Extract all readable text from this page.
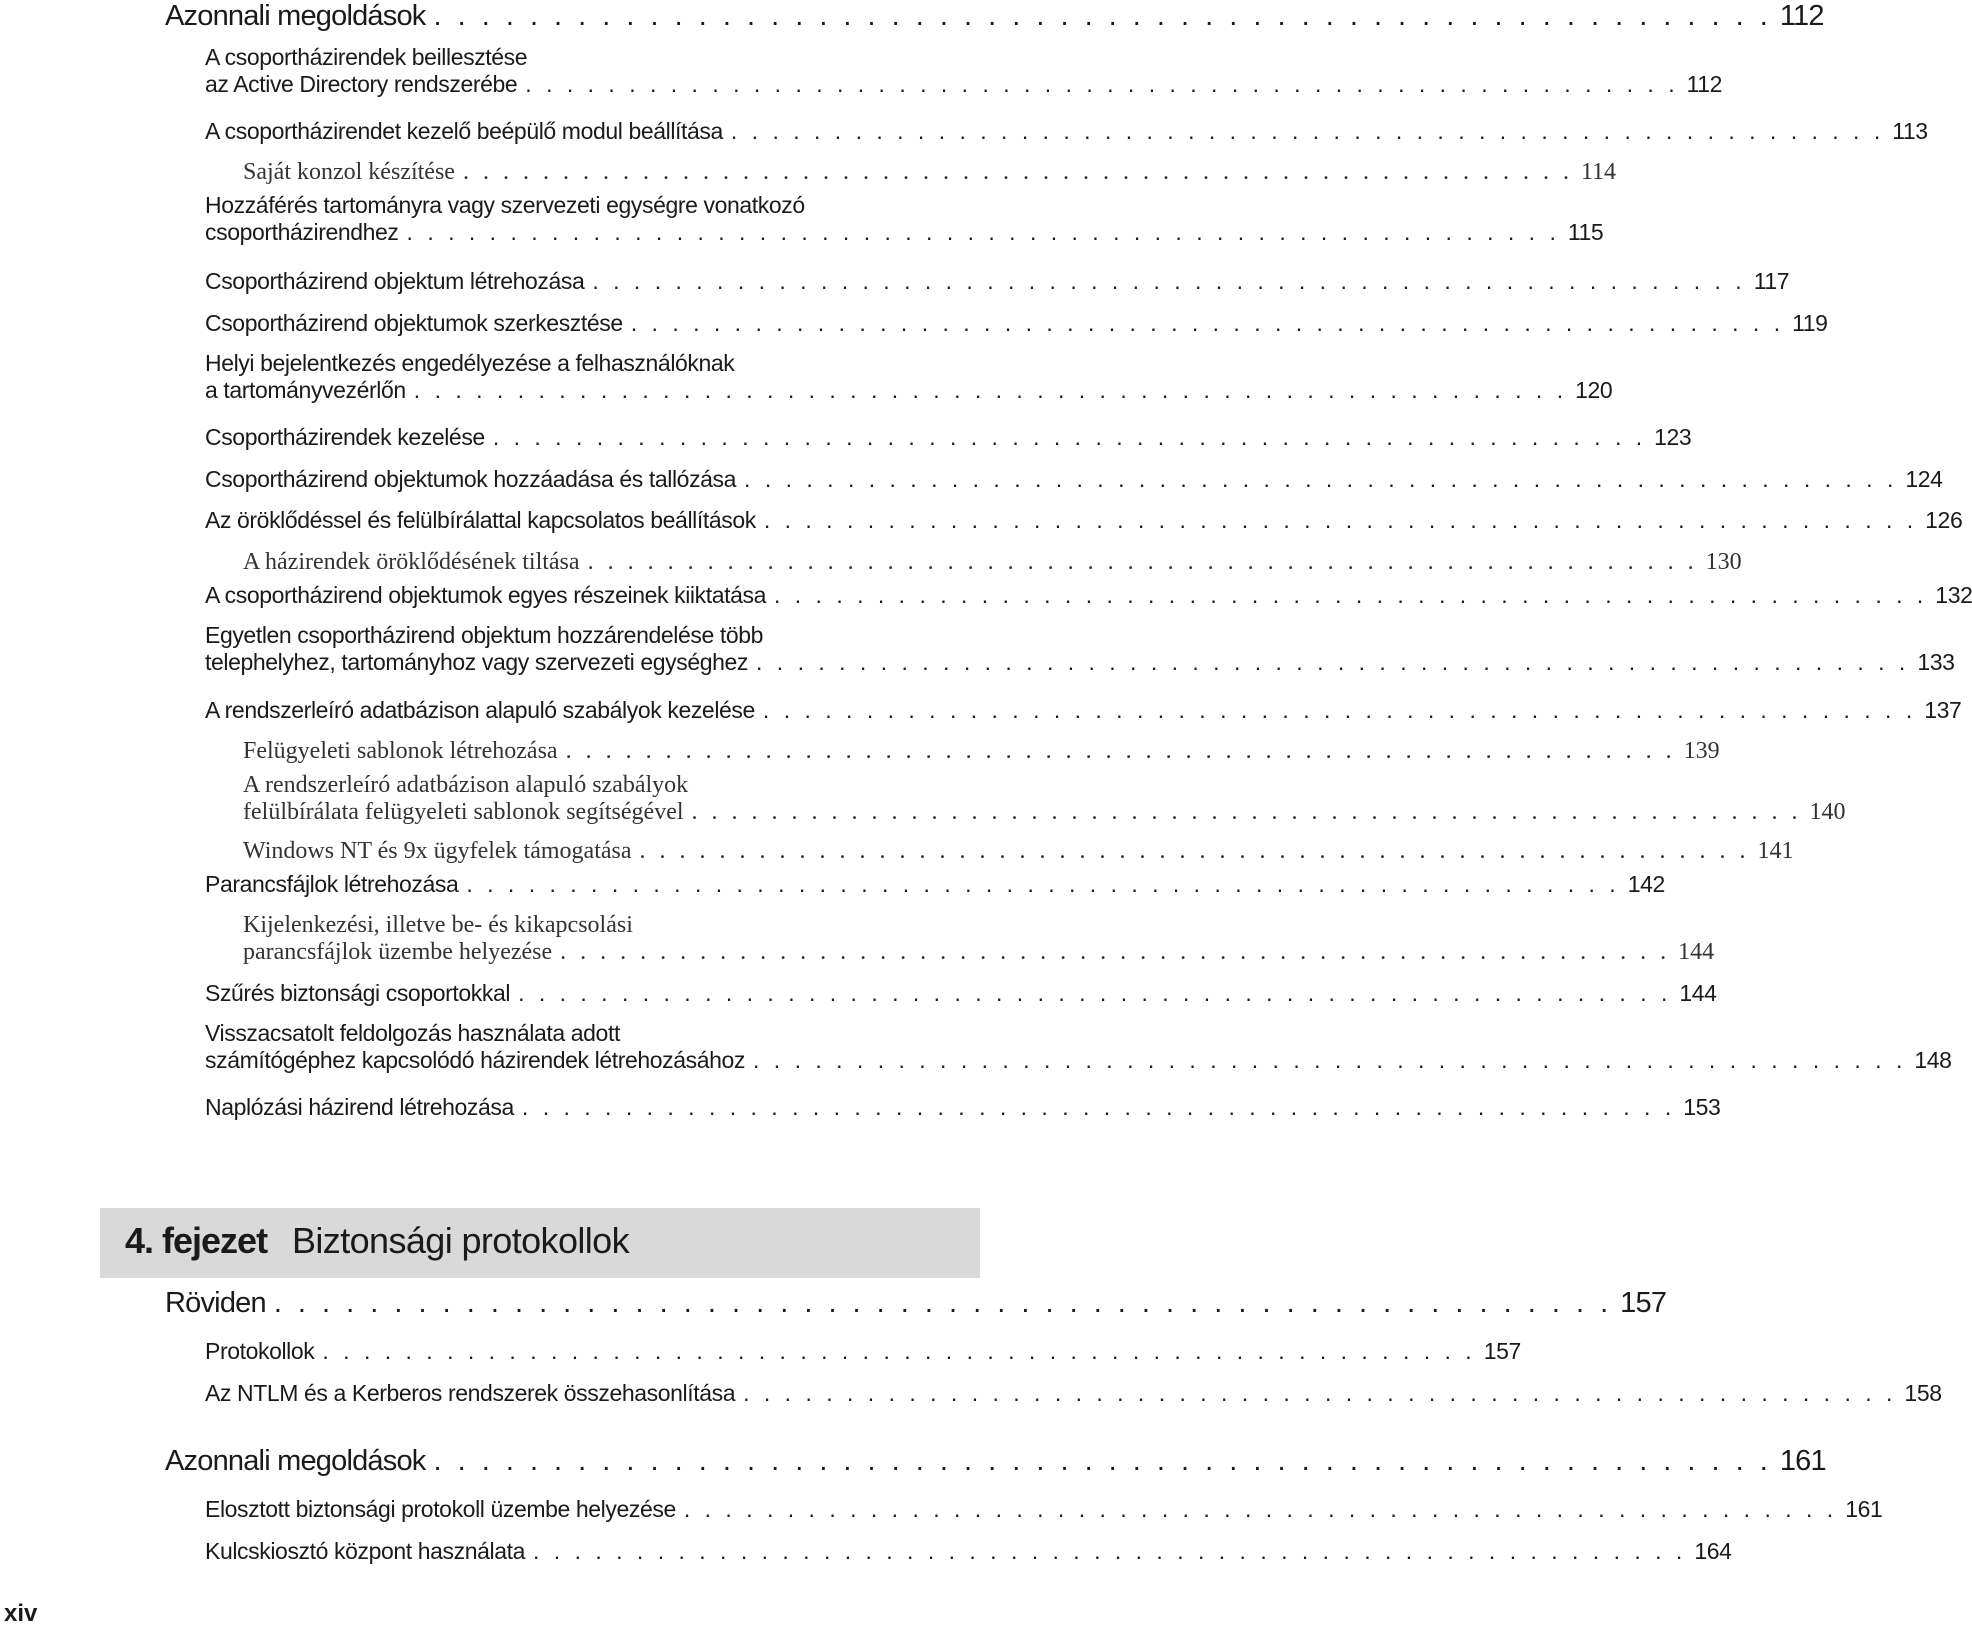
Azonnali megoldások . . . . . . . . . . . . . . . . . . . . . . . . . . . . . . . . . . . . . . . . . . . . . . . . . . . . . . . . 112
A csoportházirendek beillesztése
az Active Directory rendszerébe . . . . . . . . . . . . . . . . . . . . . . . . . . . . . . . . . . . . . . . . . . . . . . . . . . . . . . . . 112
A csoportházirendet kezelő beépülő modul beállítása . . . . . . . . . . . . . . . . . . . . . . . . . . . . . . . . . . . . . . . . . . . . . . . . . . . . . . . . 113
Saját konzol készítése . . . . . . . . . . . . . . . . . . . . . . . . . . . . . . . . . . . . . . . . . . . . . . . . . . . . . . . . 114
Hozzáférés tartományra vagy szervezeti egységre vonatkozó
csoportházirendhez . . . . . . . . . . . . . . . . . . . . . . . . . . . . . . . . . . . . . . . . . . . . . . . . . . . . . . . . 115
Csoportházirend objektum létrehozása . . . . . . . . . . . . . . . . . . . . . . . . . . . . . . . . . . . . . . . . . . . . . . . . . . . . . . . . 117
Csoportházirend objektumok szerkesztése . . . . . . . . . . . . . . . . . . . . . . . . . . . . . . . . . . . . . . . . . . . . . . . . . . . . . . . . 119
Helyi bejelentkezés engedélyezése a felhasználóknak
a tartományvezérlőn . . . . . . . . . . . . . . . . . . . . . . . . . . . . . . . . . . . . . . . . . . . . . . . . . . . . . . . . 120
Csoportházirendek kezelése . . . . . . . . . . . . . . . . . . . . . . . . . . . . . . . . . . . . . . . . . . . . . . . . . . . . . . . . 123
Csoportházirend objektumok hozzáadása és tallózása . . . . . . . . . . . . . . . . . . . . . . . . . . . . . . . . . . . . . . . . . . . . . . . . . . . . . . . . 124
Az öröklődéssel és felülbírálattal kapcsolatos beállítások . . . . . . . . . . . . . . . . . . . . . . . . . . . . . . . . . . . . . . . . . . . . . . . . . . . . . . . . 126
A házirendek öröklődésének tiltása . . . . . . . . . . . . . . . . . . . . . . . . . . . . . . . . . . . . . . . . . . . . . . . . . . . . . . . . 130
A csoportházirend objektumok egyes részeinek kiiktatása . . . . . . . . . . . . . . . . . . . . . . . . . . . . . . . . . . . . . . . . . . . . . . . . . . . . . . . . 132
Egyetlen csoportházirend objektum hozzárendelése több
telephelyhez, tartományhoz vagy szervezeti egységhez . . . . . . . . . . . . . . . . . . . . . . . . . . . . . . . . . . . . . . . . . . . . . . . . . . . . . . . . 133
A rendszerleíró adatbázison alapuló szabályok kezelése . . . . . . . . . . . . . . . . . . . . . . . . . . . . . . . . . . . . . . . . . . . . . . . . . . . . . . . . 137
Felügyeleti sablonok létrehozása . . . . . . . . . . . . . . . . . . . . . . . . . . . . . . . . . . . . . . . . . . . . . . . . . . . . . . . . 139
A rendszerleíró adatbázison alapuló szabályok
felülbírálata felügyeleti sablonok segítségével . . . . . . . . . . . . . . . . . . . . . . . . . . . . . . . . . . . . . . . . . . . . . . . . . . . . . . . . 140
Windows NT és 9x ügyfelek támogatása . . . . . . . . . . . . . . . . . . . . . . . . . . . . . . . . . . . . . . . . . . . . . . . . . . . . . . . . 141
Parancsfájlok létrehozása . . . . . . . . . . . . . . . . . . . . . . . . . . . . . . . . . . . . . . . . . . . . . . . . . . . . . . . . 142
Kijelenkezési, illetve be- és kikapcsolási
parancsfájlok üzembe helyezése . . . . . . . . . . . . . . . . . . . . . . . . . . . . . . . . . . . . . . . . . . . . . . . . . . . . . . . . 144
Szűrés biztonsági csoportokkal . . . . . . . . . . . . . . . . . . . . . . . . . . . . . . . . . . . . . . . . . . . . . . . . . . . . . . . . 144
Visszacsatolt feldolgozás használata adott
számítógéphez kapcsolódó házirendek létrehozásához . . . . . . . . . . . . . . . . . . . . . . . . . . . . . . . . . . . . . . . . . . . . . . . . . . . . . . . . 148
Naplózási házirend létrehozása . . . . . . . . . . . . . . . . . . . . . . . . . . . . . . . . . . . . . . . . . . . . . . . . . . . . . . . . 153
4. fejezet Biztonsági protokollok
Röviden . . . . . . . . . . . . . . . . . . . . . . . . . . . . . . . . . . . . . . . . . . . . . . . . . . . . . . . . 157
Protokollok . . . . . . . . . . . . . . . . . . . . . . . . . . . . . . . . . . . . . . . . . . . . . . . . . . . . . . . . 157
Az NTLM és a Kerberos rendszerek összehasonlítása . . . . . . . . . . . . . . . . . . . . . . . . . . . . . . . . . . . . . . . . . . . . . . . . . . . . . . . . 158
Azonnali megoldások . . . . . . . . . . . . . . . . . . . . . . . . . . . . . . . . . . . . . . . . . . . . . . . . . . . . . . . . 161
Elosztott biztonsági protokoll üzembe helyezése . . . . . . . . . . . . . . . . . . . . . . . . . . . . . . . . . . . . . . . . . . . . . . . . . . . . . . . . 161
Kulcskiosztó központ használata . . . . . . . . . . . . . . . . . . . . . . . . . . . . . . . . . . . . . . . . . . . . . . . . . . . . . . . . 164
xiv
